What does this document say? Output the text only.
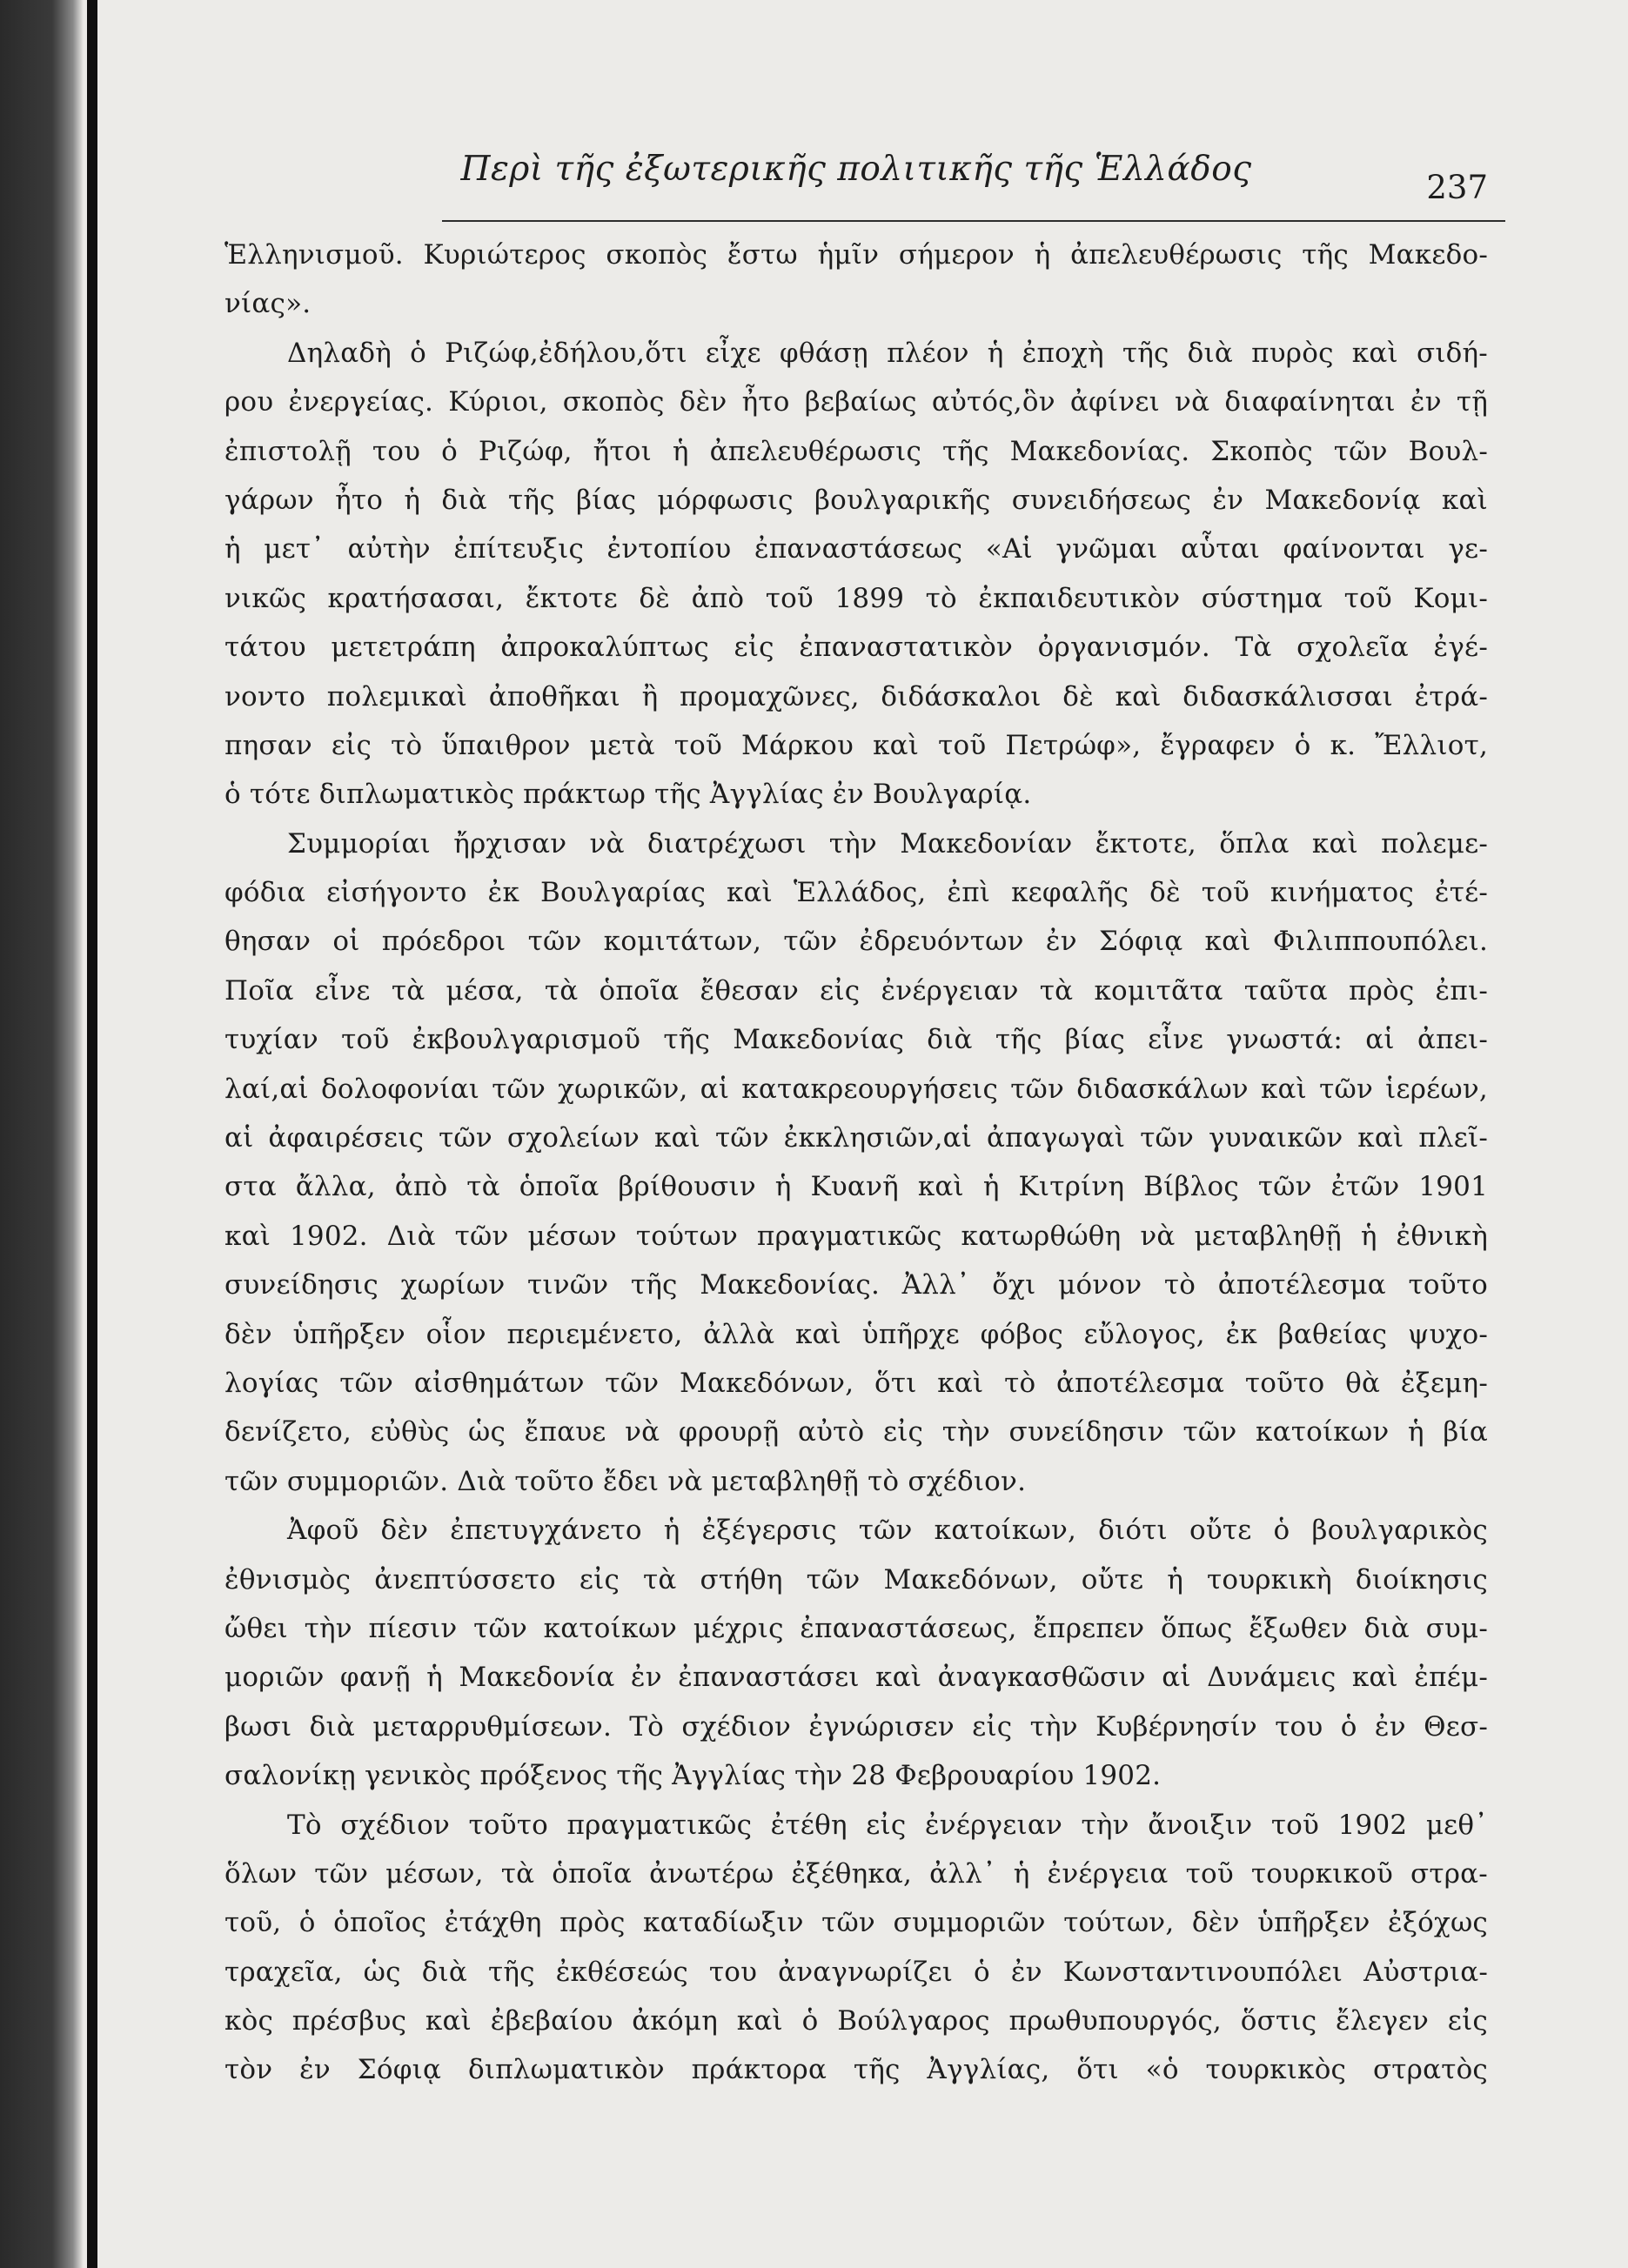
Περὶ τῆς ἐξωτερικῆς πολιτικῆς τῆς Ἑλλάδος	237
Ἑλληνισμοῦ. Κυριώτερος σκοπὸς ἔστω ἡμῖν σήμερον ἡ ἀπελευθέρωσις τῆς Μακεδο-
νίας».
Δηλαδὴ ὁ Ριζώφ,ἐδήλου,ὅτι εἶχε φθάσῃ πλέον ἡ ἐποχὴ τῆς διὰ πυρὸς καὶ σιδή-
ρου ἐνεργείας. Κύριοι, σκοπὸς δὲν ἦτο βεβαίως αὐτός,ὃν ἀφίνει νὰ διαφαίνηται ἐν τῇ
ἐπιστολῇ του ὁ Ριζώφ, ἤτοι ἡ ἀπελευθέρωσις τῆς Μακεδονίας. Σκοπὸς τῶν Βουλ-
γάρων ἦτο ἡ διὰ τῆς βίας μόρφωσις βουλγαρικῆς συνειδήσεως ἐν Μακεδονίᾳ καὶ
ἡ μετ᾽ αὐτὴν ἐπίτευξις ἐντοπίου ἐπαναστάσεως «Αἱ γνῶμαι αὗται φαίνονται γε-
νικῶς κρατήσασαι, ἔκτοτε δὲ ἀπὸ τοῦ 1899 τὸ ἐκπαιδευτικὸν σύστημα τοῦ Κομι-
τάτου μετετράπη ἀπροκαλύπτως εἰς ἐπαναστατικὸν ὀργανισμόν. Τὰ σχολεῖα ἐγέ-
νοντο πολεμικαὶ ἀποθῆκαι ἢ προμαχῶνες, διδάσκαλοι δὲ καὶ διδασκάλισσαι ἐτρά-
πησαν εἰς τὸ ὕπαιθρον μετὰ τοῦ Μάρκου καὶ τοῦ Πετρώφ», ἔγραφεν ὁ κ. Ἔλλιοτ,
ὁ τότε διπλωματικὸς πράκτωρ τῆς Ἀγγλίας ἐν Βουλγαρίᾳ.
Συμμορίαι ἤρχισαν νὰ διατρέχωσι τὴν Μακεδονίαν ἔκτοτε, ὅπλα καὶ πολεμε-
φόδια εἰσήγοντο ἐκ Βουλγαρίας καὶ Ἑλλάδος, ἐπὶ κεφαλῆς δὲ τοῦ κινήματος ἐτέ-
θησαν οἱ πρόεδροι τῶν κομιτάτων, τῶν ἐδρευόντων ἐν Σόφιᾳ καὶ Φιλιππουπόλει.
Ποῖα εἶνε τὰ μέσα, τὰ ὁποῖα ἔθεσαν εἰς ἐνέργειαν τὰ κομιτᾶτα ταῦτα πρὸς ἐπι-
τυχίαν τοῦ ἐκβουλγαρισμοῦ τῆς Μακεδονίας διὰ τῆς βίας εἶνε γνωστά: αἱ ἀπει-
λαί,αἱ δολοφονίαι τῶν χωρικῶν, αἱ κατακρεουργήσεις τῶν διδασκάλων καὶ τῶν ἱερέων,
αἱ ἀφαιρέσεις τῶν σχολείων καὶ τῶν ἐκκλησιῶν,αἱ ἀπαγωγαὶ τῶν γυναικῶν καὶ πλεῖ-
στα ἄλλα, ἀπὸ τὰ ὁποῖα βρίθουσιν ἡ Κυανῆ καὶ ἡ Κιτρίνη Βίβλος τῶν ἐτῶν 1901
καὶ 1902. Διὰ τῶν μέσων τούτων πραγματικῶς κατωρθώθη νὰ μεταβληθῇ ἡ ἐθνικὴ
συνείδησις χωρίων τινῶν τῆς Μακεδονίας. Ἀλλ᾽ ὄχι μόνον τὸ ἀποτέλεσμα τοῦτο
δὲν ὑπῆρξεν οἷον περιεμένετο, ἀλλὰ καὶ ὑπῆρχε φόβος εὔλογος, ἐκ βαθείας ψυχο-
λογίας τῶν αἰσθημάτων τῶν Μακεδόνων, ὅτι καὶ τὸ ἀποτέλεσμα τοῦτο θὰ ἐξεμη-
δενίζετο, εὐθὺς ὡς ἔπαυε νὰ φρουρῇ αὐτὸ εἰς τὴν συνείδησιν τῶν κατοίκων ἡ βία
τῶν συμμοριῶν. Διὰ τοῦτο ἔδει νὰ μεταβληθῇ τὸ σχέδιον.
Ἀφοῦ δὲν ἐπετυγχάνετο ἡ ἐξέγερσις τῶν κατοίκων, διότι οὔτε ὁ βουλγαρικὸς
ἐθνισμὸς ἀνεπτύσσετο εἰς τὰ στήθη τῶν Μακεδόνων, οὔτε ἡ τουρκικὴ διοίκησις
ὤθει τὴν πίεσιν τῶν κατοίκων μέχρις ἐπαναστάσεως, ἔπρεπεν ὅπως ἔξωθεν διὰ συμ-
μοριῶν φανῇ ἡ Μακεδονία ἐν ἐπαναστάσει καὶ ἀναγκασθῶσιν αἱ Δυνάμεις καὶ ἐπέμ-
βωσι διὰ μεταρρυθμίσεων. Τὸ σχέδιον ἐγνώρισεν εἰς τὴν Κυβέρνησίν του ὁ ἐν Θεσ-
σαλονίκῃ γενικὸς πρόξενος τῆς Ἀγγλίας τὴν 28 Φεβρουαρίου 1902.
Τὸ σχέδιον τοῦτο πραγματικῶς ἐτέθη εἰς ἐνέργειαν τὴν ἄνοιξιν τοῦ 1902 μεθ᾽
ὅλων τῶν μέσων, τὰ ὁποῖα ἀνωτέρω ἐξέθηκα, ἀλλ᾽ ἡ ἐνέργεια τοῦ τουρκικοῦ στρα-
τοῦ, ὁ ὁποῖος ἐτάχθη πρὸς καταδίωξιν τῶν συμμοριῶν τούτων, δὲν ὑπῆρξεν ἐξόχως
τραχεῖα, ὡς διὰ τῆς ἐκθέσεώς του ἀναγνωρίζει ὁ ἐν Κωνσταντινουπόλει Αὐστρια-
κὸς πρέσβυς καὶ ἐβεβαίου ἀκόμη καὶ ὁ Βούλγαρος πρωθυπουργός, ὅστις ἔλεγεν εἰς
τὸν ἐν Σόφιᾳ διπλωματικὸν πράκτορα τῆς Ἀγγλίας, ὅτι «ὁ τουρκικὸς στρατὸς
